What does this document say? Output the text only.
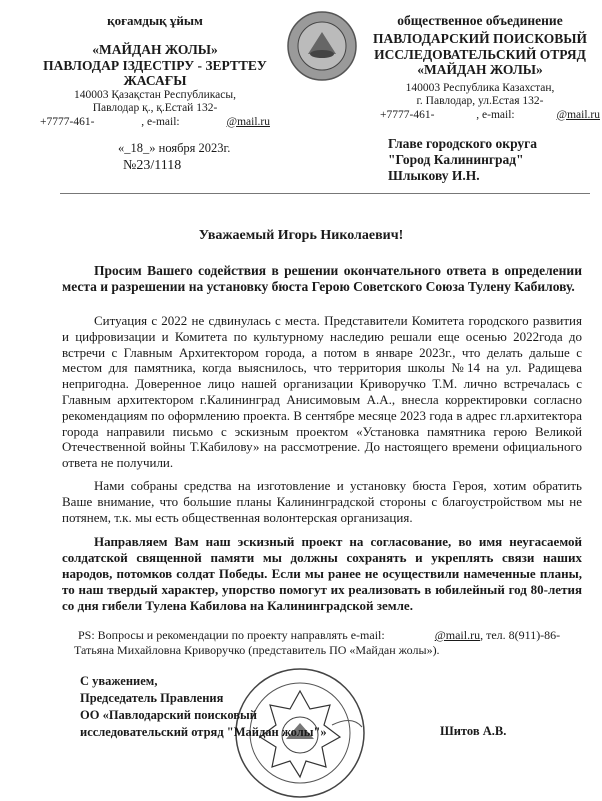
қоғамдық ұйым
«МАЙДАН ЖОЛЫ»
ПАВЛОДАР ІЗДЕСТІРУ - ЗЕРТТЕУ
ЖАСАҒЫ
140003 Қазақстан Республикасы,
Павлодар қ., қ.Естай 132-
+7777-461-	, e-mail:	@mail.ru
общественное объединение
ПАВЛОДАРСКИЙ ПОИСКОВЫЙ
ИССЛЕДОВАТЕЛЬСКИЙ ОТРЯД
«МАЙДАН ЖОЛЫ»
140003 Республика Казахстан,
г. Павлодар, ул.Естая 132-
+7777-461-	, e-mail:	@mail.ru
«_18_» ноября 2023г.
№23/1118
Главе городского округа
"Город Калининград"
Шлыкову И.Н.
Уважаемый Игорь Николаевич!

Просим Вашего содействия в решении окончательного ответа в определении места и разрешении на установку бюста Герою Советского Союза Тулену Кабилову.

Ситуация с 2022 не сдвинулась с места. Представители Комитета городского развития и цифровизации и Комитета по культурному наследию решали еще осенью 2022года до встречи с Главным Архитектором города, а потом в январе 2023г., что делать дальше с местом для памятника, когда выяснилось, что территория школы №14 на ул. Радищева непригодна. Доверенное лицо нашей организации Криворучко Т.М. лично встречалась с Главным архитектором г.Калининград Анисимовым А.А., внесла корректировки согласно рекомендациям по оформлению проекта. В сентябре месяце 2023 года в адрес гл.архитектора города направили письмо с эскизным проектом «Установка памятника герою Великой Отечественной войны Т.Кабилову» на рассмотрение. До настоящего времени официального ответа не получили.

Нами собраны средства на изготовление и установку бюста Героя, хотим обратить Ваше внимание, что большие планы Калининградской стороны с благоустройством мы не потянем, т.к. мы есть общественная волонтерская организация.

Направляем Вам наш эскизный проект на согласование, во имя неугасаемой солдатской священной памяти мы должны сохранять и укреплять связи наших народов, потомков солдат Победы. Если мы ранее не осуществили намеченные планы, то наш твердый характер, упорство помогут их реализовать в юбилейный год 80-летия со дня гибели Тулена Кабилова на Калининградской земле.

PS: Вопросы и рекомендации по проекту направлять e-mail:	@mail.ru, тел. 8(911)-86-
Татьяна Михайловна Криворучко (представитель ПО «Майдан жолы»).
С уважением,
Председатель Правления
ОО «Павлодарский поисковый
исследовательский отряд "Майдан жолы"»	Шитов А.В.
